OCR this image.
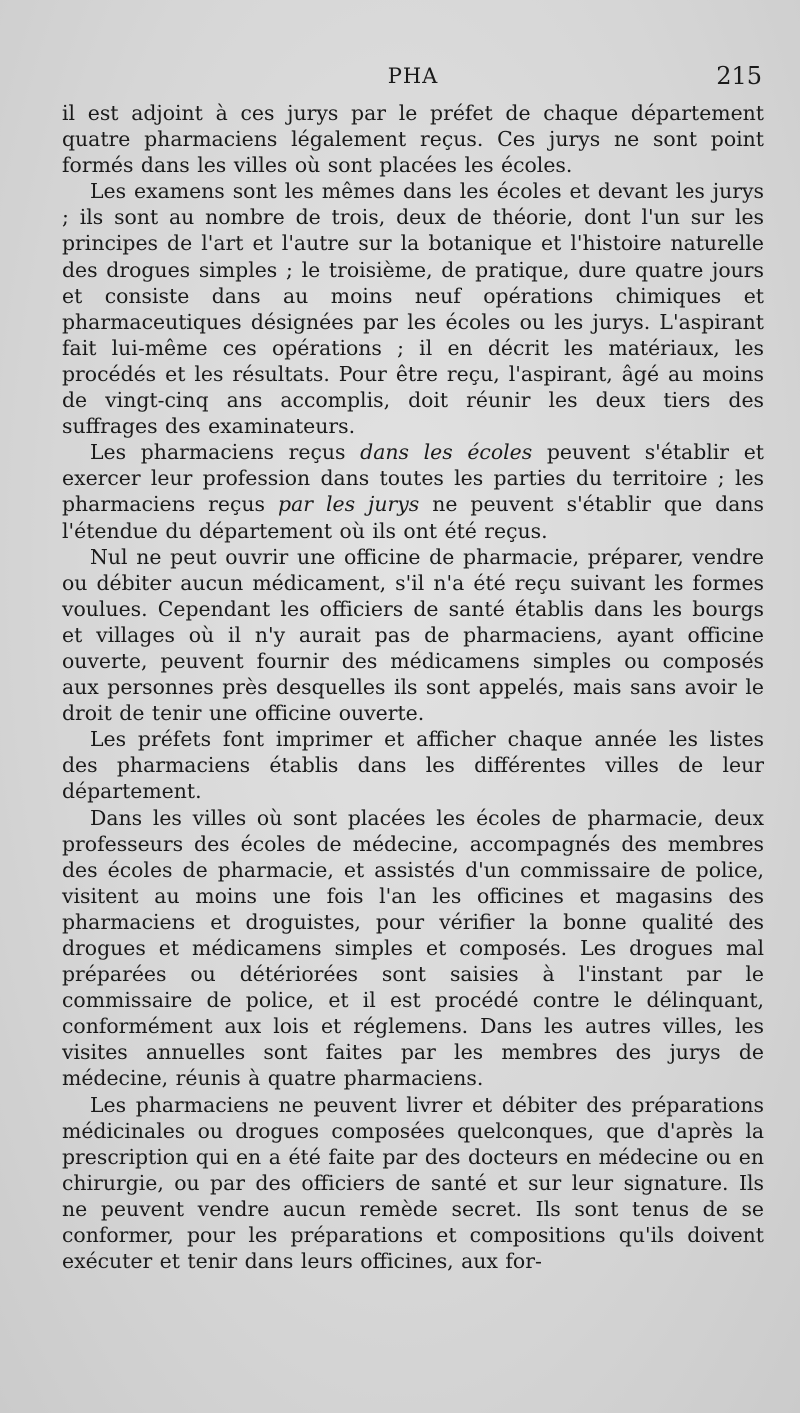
PHA	215

il est adjoint à ces jurys par le préfet de chaque département quatre pharmaciens légalement reçus. Ces jurys ne sont point formés dans les villes où sont placées les écoles.

Les examens sont les mêmes dans les écoles et devant les jurys ; ils sont au nombre de trois, deux de théorie, dont l'un sur les principes de l'art et l'autre sur la botanique et l'histoire naturelle des drogues simples ; le troisième, de pratique, dure quatre jours et consiste dans au moins neuf opérations chimiques et pharmaceutiques désignées par les écoles ou les jurys. L'aspirant fait lui-même ces opérations ; il en décrit les matériaux, les procédés et les résultats. Pour être reçu, l'aspirant, âgé au moins de vingt-cinq ans accomplis, doit réunir les deux tiers des suffrages des examinateurs.

Les pharmaciens reçus dans les écoles peuvent s'établir et exercer leur profession dans toutes les parties du territoire ; les pharmaciens reçus par les jurys ne peuvent s'établir que dans l'étendue du département où ils ont été reçus.

Nul ne peut ouvrir une officine de pharmacie, préparer, vendre ou débiter aucun médicament, s'il n'a été reçu suivant les formes voulues. Cependant les officiers de santé établis dans les bourgs et villages où il n'y aurait pas de pharmaciens, ayant officine ouverte, peuvent fournir des médicamens simples ou composés aux personnes près desquelles ils sont appelés, mais sans avoir le droit de tenir une officine ouverte.

Les préfets font imprimer et afficher chaque année les listes des pharmaciens établis dans les différentes villes de leur département.

Dans les villes où sont placées les écoles de pharmacie, deux professeurs des écoles de médecine, accompagnés des membres des écoles de pharmacie, et assistés d'un commissaire de police, visitent au moins une fois l'an les officines et magasins des pharmaciens et droguistes, pour vérifier la bonne qualité des drogues et médicamens simples et composés. Les drogues mal préparées ou détériorées sont saisies à l'instant par le commissaire de police, et il est procédé contre le délinquant, conformément aux lois et réglemens. Dans les autres villes, les visites annuelles sont faites par les membres des jurys de médecine, réunis à quatre pharmaciens.

Les pharmaciens ne peuvent livrer et débiter des préparations médicinales ou drogues composées quelconques, que d'après la prescription qui en a été faite par des docteurs en médecine ou en chirurgie, ou par des officiers de santé et sur leur signature. Ils ne peuvent vendre aucun remède secret. Ils sont tenus de se conformer, pour les préparations et compositions qu'ils doivent exécuter et tenir dans leurs officines, aux for-
